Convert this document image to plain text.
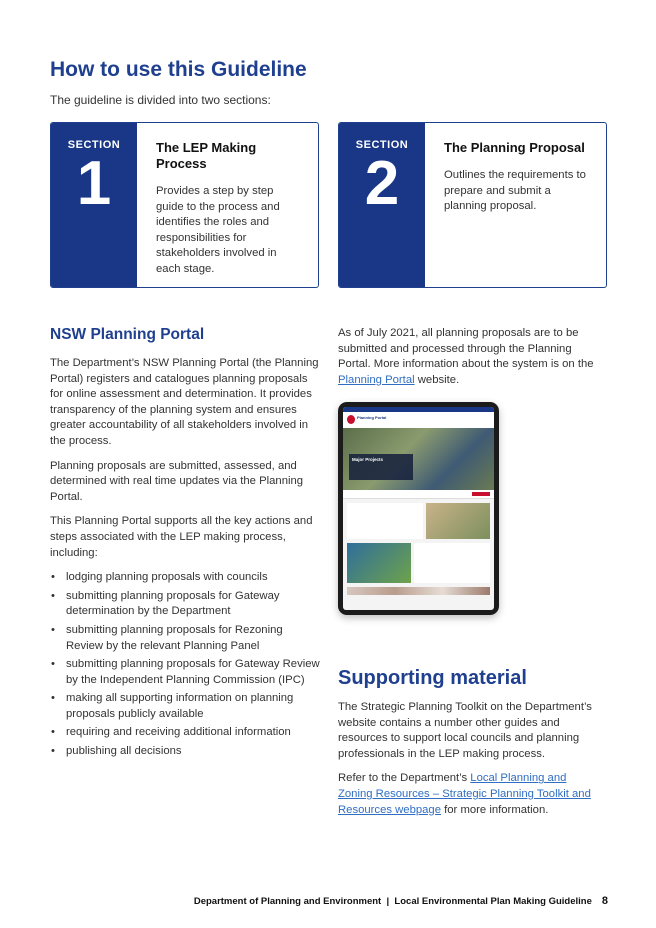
How to use this Guideline

The guideline is divided into two sections:

SECTION
1
The LEP Making Process

Provides a step by step guide to the process and identifies the roles and responsibilities for stakeholders involved in each stage.

SECTION
2
The Planning Proposal

Outlines the requirements to prepare and submit a planning proposal.

NSW Planning Portal

The Department’s NSW Planning Portal (the Planning Portal) registers and catalogues planning proposals for online assessment and determination. It provides transparency of the planning system and ensures greater accountability of all stakeholders involved in the process.

Planning proposals are submitted, assessed, and determined with real time updates via the Planning Portal.

This Planning Portal supports all the key actions and steps associated with the LEP making process, including:

• lodging planning proposals with councils
• submitting planning proposals for Gateway determination by the Department
• submitting planning proposals for Rezoning Review by the relevant Planning Panel
• submitting planning proposals for Gateway Review by the Independent Planning Commission (IPC)
• making all supporting information on planning proposals publicly available
• requiring and receiving additional information
• publishing all decisions

As of July 2021, all planning proposals are to be submitted and processed through the Planning Portal. More information about the system is on the Planning Portal website.

Planning Portal
Major Projects
Supporting material

The Strategic Planning Toolkit on the Department’s website contains a number other guides and resources to support local councils and planning professionals in the LEP making process.

Refer to the Department’s Local Planning and Zoning Resources – Strategic Planning Toolkit and Resources webpage for more information.

Department of Planning and Environment  |  Local Environmental Plan Making Guideline 8
